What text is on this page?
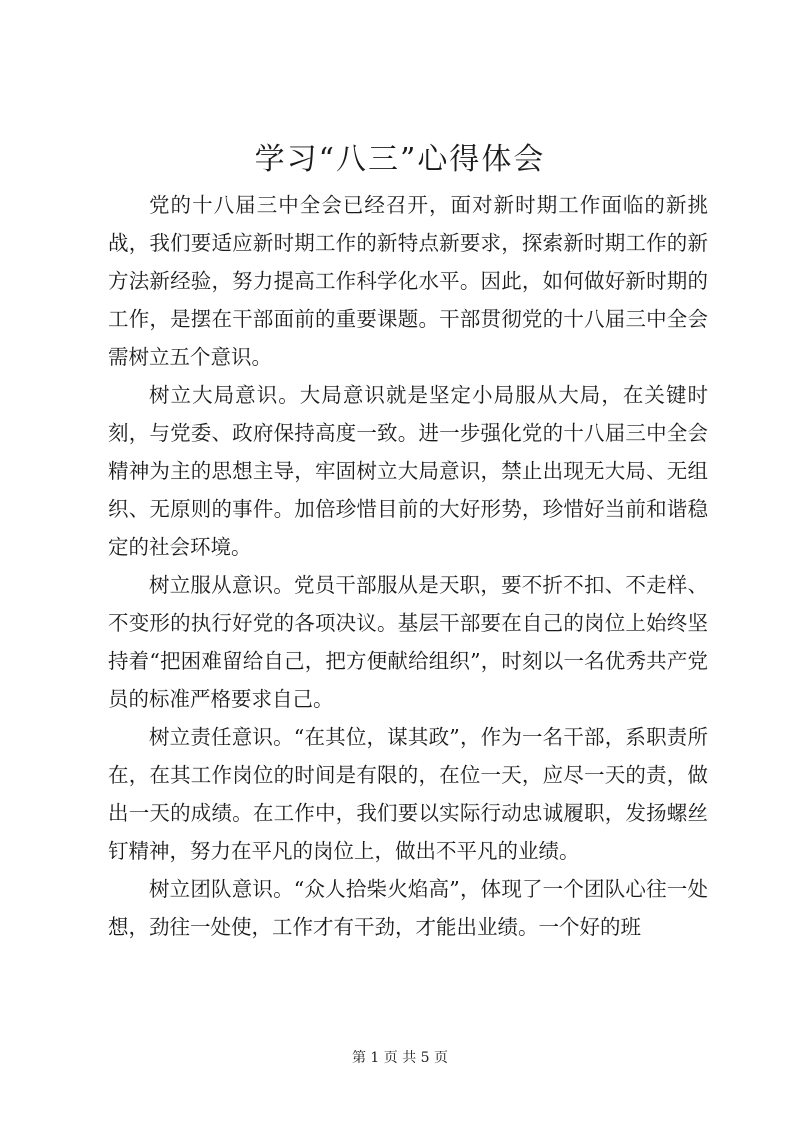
学习“八三”心得体会

党的十八届三中全会已经召开，面对新时期工作面临的新挑战，我们要适应新时期工作的新特点新要求，探索新时期工作的新方法新经验，努力提高工作科学化水平。因此，如何做好新时期的工作，是摆在干部面前的重要课题。干部贯彻党的十八届三中全会需树立五个意识。

树立大局意识。大局意识就是坚定小局服从大局，在关键时刻，与党委、政府保持高度一致。进一步强化党的十八届三中全会精神为主的思想主导，牢固树立大局意识，禁止出现无大局、无组织、无原则的事件。加倍珍惜目前的大好形势，珍惜好当前和谐稳定的社会环境。

树立服从意识。党员干部服从是天职，要不折不扣、不走样、不变形的执行好党的各项决议。基层干部要在自己的岗位上始终坚持着“把困难留给自己，把方便献给组织”，时刻以一名优秀共产党员的标准严格要求自己。

树立责任意识。“在其位，谋其政”，作为一名干部，系职责所在，在其工作岗位的时间是有限的，在位一天，应尽一天的责，做出一天的成绩。在工作中，我们要以实际行动忠诚履职，发扬螺丝钉精神，努力在平凡的岗位上，做出不平凡的业绩。

树立团队意识。“众人拾柴火焰高”，体现了一个团队心往一处想，劲往一处使，工作才有干劲，才能出业绩。一个好的班

第 1 页 共 5 页
